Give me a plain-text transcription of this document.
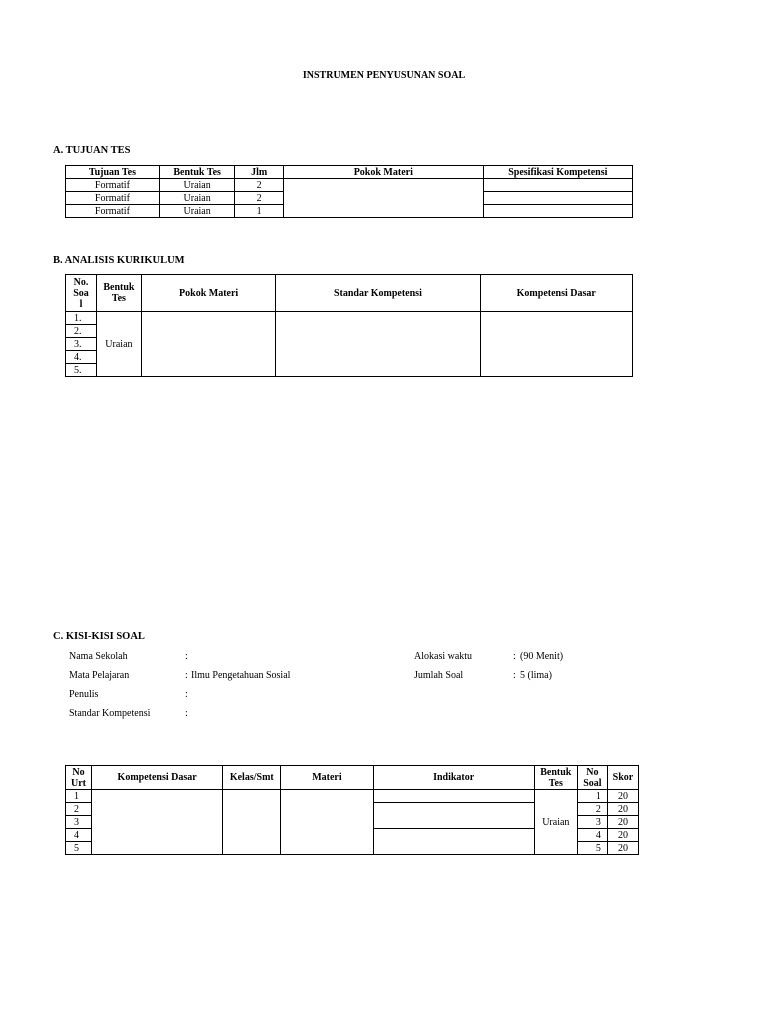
INSTRUMEN PENYUSUNAN SOAL
A. TUJUAN TES
Tujuan Tes	Bentuk Tes	Jlm	Pokok Materi	Spesifikasi Kompetensi
Formatif	Uraian	2		
Formatif	Uraian	2		
Formatif	Uraian	1		
B. ANALISIS KURIKULUM
No. Soa l	Bentuk Tes	Pokok Materi	Standar Kompetensi	Kompetensi Dasar
1.	Uraian			
2.				
3.				
4.				
5.				
C. KISI-KISI SOAL
Nama Sekolah	:	Alokasi waktu	: (90 Menit)
Mata Pelajaran	: Ilmu Pengetahuan Sosial	Jumlah Soal	: 5 (lima)
Penulis	:
Standar Kompetensi	:
No Urt	Kompetensi Dasar	Kelas/Smt	Materi	Indikator	Bentuk Tes	No Soal	Skor
1					Uraian	1	20
2						2	20
3						3	20
4						4	20
5						5	20
